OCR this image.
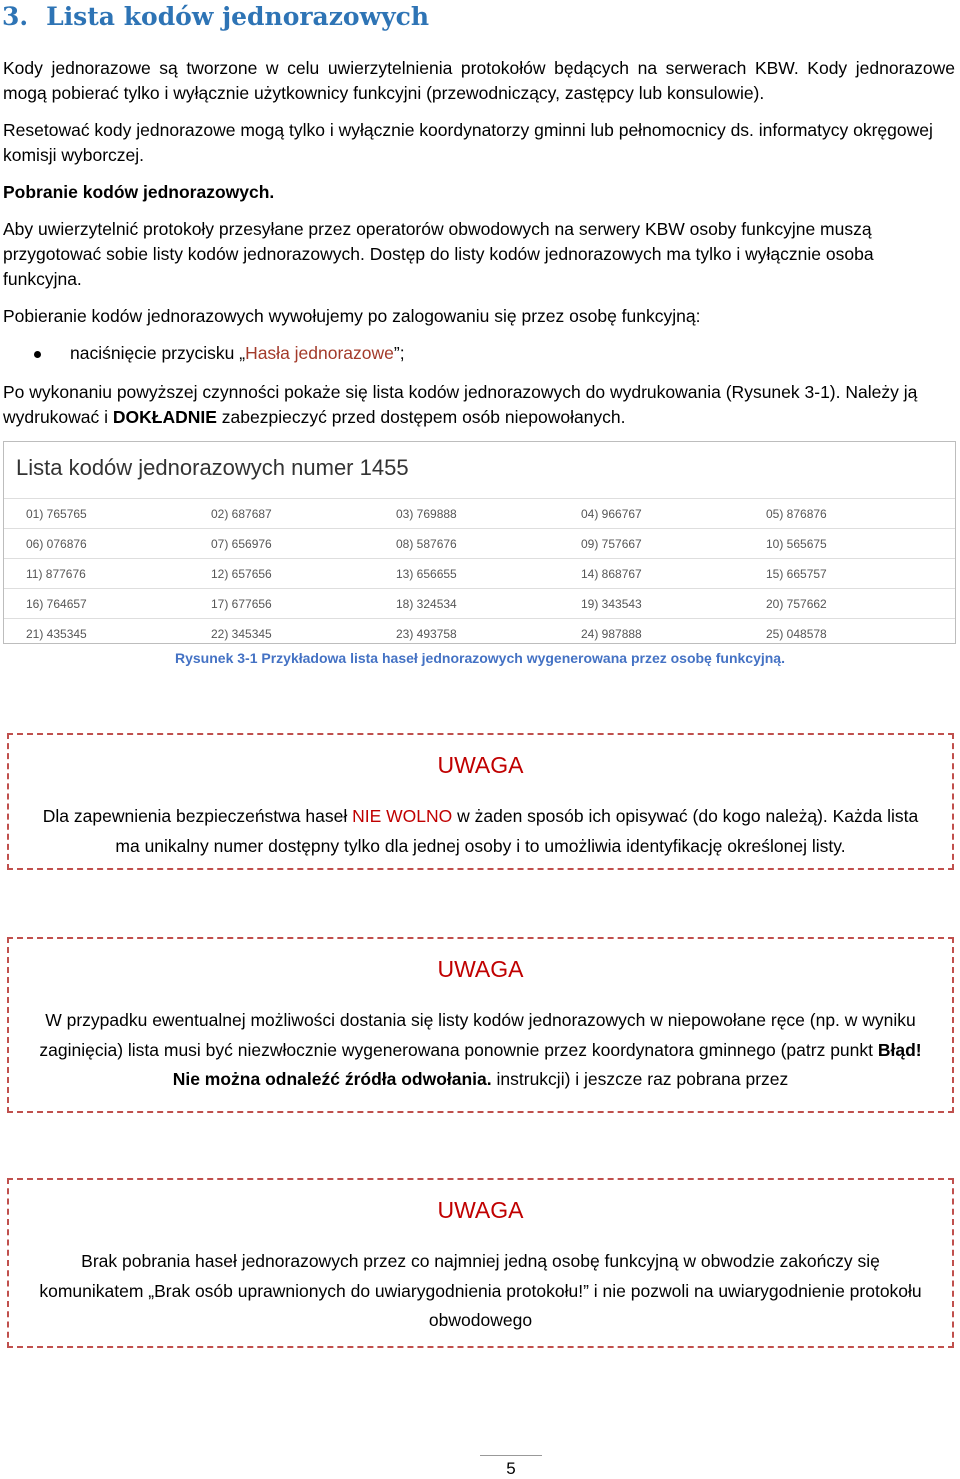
3. Lista kodów jednorazowych

Kody jednorazowe są tworzone w celu uwierzytelnienia protokołów będących na serwerach KBW. Kody jednorazowe mogą pobierać tylko i wyłącznie użytkownicy funkcyjni (przewodniczący, zastępcy lub konsulowie).

Resetować kody jednorazowe mogą tylko i wyłącznie koordynatorzy gminni lub pełnomocnicy ds. informatycy okręgowej komisji wyborczej.

Pobranie kodów jednorazowych.

Aby uwierzytelnić protokoły przesyłane przez operatorów obwodowych na serwery KBW osoby funkcyjne muszą przygotować sobie listy kodów jednorazowych. Dostęp do listy kodów jednorazowych ma tylko i wyłącznie osoba funkcyjna.

Pobieranie kodów jednorazowych wywołujemy po zalogowaniu się przez osobę funkcyjną:

naciśnięcie przycisku „Hasła jednorazowe”;

Po wykonaniu powyższej czynności pokaże się lista kodów jednorazowych do wydrukowania (Rysunek 3-1). Należy ją wydrukować i DOKŁADNIE zabezpieczyć przed dostępem osób niepowołanych.

Lista kodów jednorazowych numer 1455
01) 765765	02) 687687	03) 769888	04) 966767	05) 876876
06) 076876	07) 656976	08) 587676	09) 757667	10) 565675
11) 877676	12) 657656	13) 656655	14) 868767	15) 665757
16) 764657	17) 677656	18) 324534	19) 343543	20) 757662
21) 435345	22) 345345	23) 493758	24) 987888	25) 048578
Rysunek 3-1 Przykładowa lista haseł jednorazowych wygenerowana przez osobę funkcyjną.
UWAGA
Dla zapewnienia bezpieczeństwa haseł NIE WOLNO w żaden sposób ich opisywać (do kogo należą). Każda lista ma unikalny numer dostępny tylko dla jednej osoby i to umożliwia identyfikację określonej listy.
UWAGA
W przypadku ewentualnej możliwości dostania się listy kodów jednorazowych w niepowołane ręce (np. w wyniku zaginięcia) lista musi być niezwłocznie wygenerowana ponownie przez koordynatora gminnego (patrz punkt Błąd! Nie można odnaleźć źródła odwołania. instrukcji) i jeszcze raz pobrana przez
UWAGA
Brak pobrania haseł jednorazowych przez co najmniej jedną osobę funkcyjną w obwodzie zakończy się komunikatem „Brak osób uprawnionych do uwiarygodnienia protokołu!” i nie pozwoli na uwiarygodnienie protokołu obwodowego
5
